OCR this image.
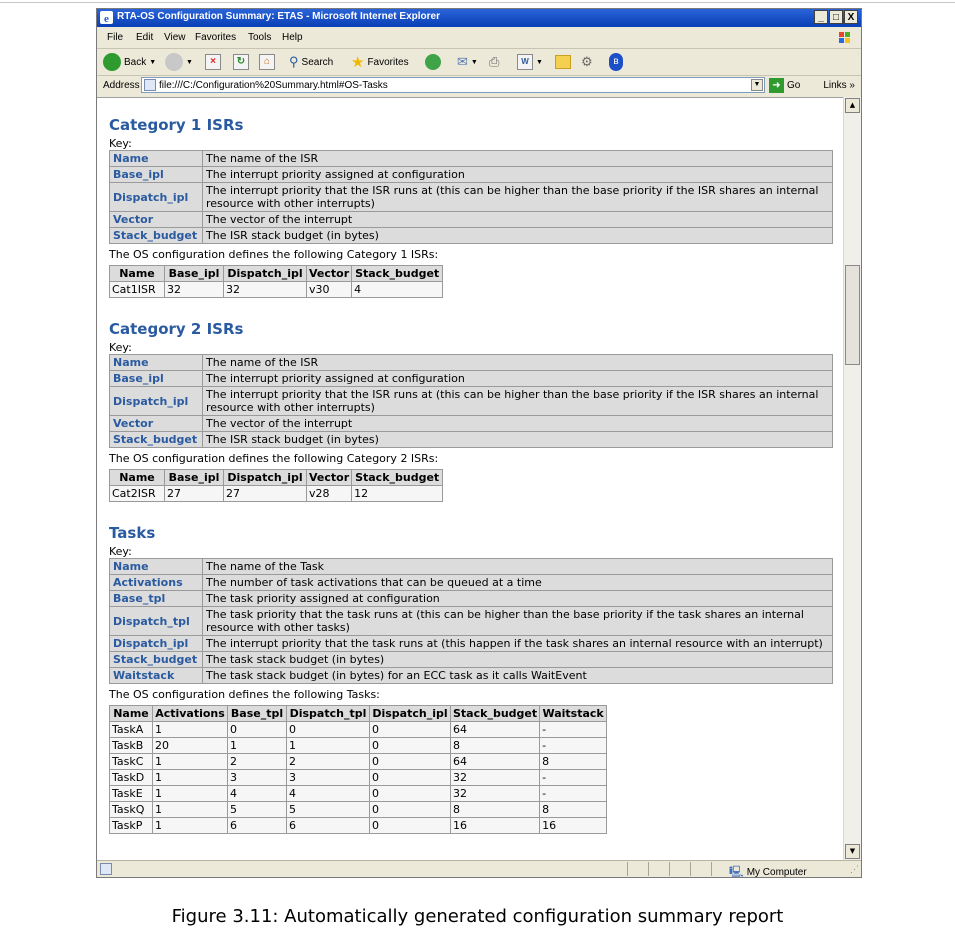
e RTA-OS Configuration Summary: ETAS - Microsoft Internet Explorer	_ □ X
File Edit View Favorites Tools Help
Back ▼	▼	×	↻	⌂	⚲ Search ★ Favorites	✉ ▼ ⎙	W	▼	⚙	ʙ
Address file:///C:/Configuration%20Summary.html#OS-Tasks	▼	➜ Go Links »
Category 1 ISRs
Key:
Name	The name of the ISR
Base_ipl	The interrupt priority assigned at configuration
Dispatch_ipl	The interrupt priority that the ISR runs at (this can be higher than the base priority if the ISR shares an internal resource with other interrupts)
Vector	The vector of the interrupt
Stack_budget	The ISR stack budget (in bytes)
The OS configuration defines the following Category 1 ISRs:
Name	Base_ipl	Dispatch_ipl	Vector	Stack_budget
Cat1ISR	32	32	v30	4
Category 2 ISRs
Key:
Name	The name of the ISR
Base_ipl	The interrupt priority assigned at configuration
Dispatch_ipl	The interrupt priority that the ISR runs at (this can be higher than the base priority if the ISR shares an internal resource with other interrupts)
Vector	The vector of the interrupt
Stack_budget	The ISR stack budget (in bytes)
The OS configuration defines the following Category 2 ISRs:
Name	Base_ipl	Dispatch_ipl	Vector	Stack_budget
Cat2ISR	27	27	v28	12
Tasks
Key:
Name	The name of the Task
Activations	The number of task activations that can be queued at a time
Base_tpl	The task priority assigned at configuration
Dispatch_tpl	The task priority that the task runs at (this can be higher than the base priority if the task shares an internal resource with other tasks)
Dispatch_ipl	The interrupt priority that the task runs at (this happen if the task shares an internal resource with an interrupt)
Stack_budget	The task stack budget (in bytes)
Waitstack	The task stack budget (in bytes) for an ECC task as it calls WaitEvent
The OS configuration defines the following Tasks:
Name	Activations	Base_tpl	Dispatch_tpl	Dispatch_ipl	Stack_budget	Waitstack
TaskA	1	0	0	0	64	-
TaskB	20	1	1	0	8	-
TaskC	1	2	2	0	64	8
TaskD	1	3	3	0	32	-
TaskE	1	4	4	0	32	-
TaskQ	1	5	5	0	8	8
TaskP	1	6	6	0	16	16
▲
▼
🖳 My Computer	⋰
Figure 3.11: Automatically generated configuration summary report
